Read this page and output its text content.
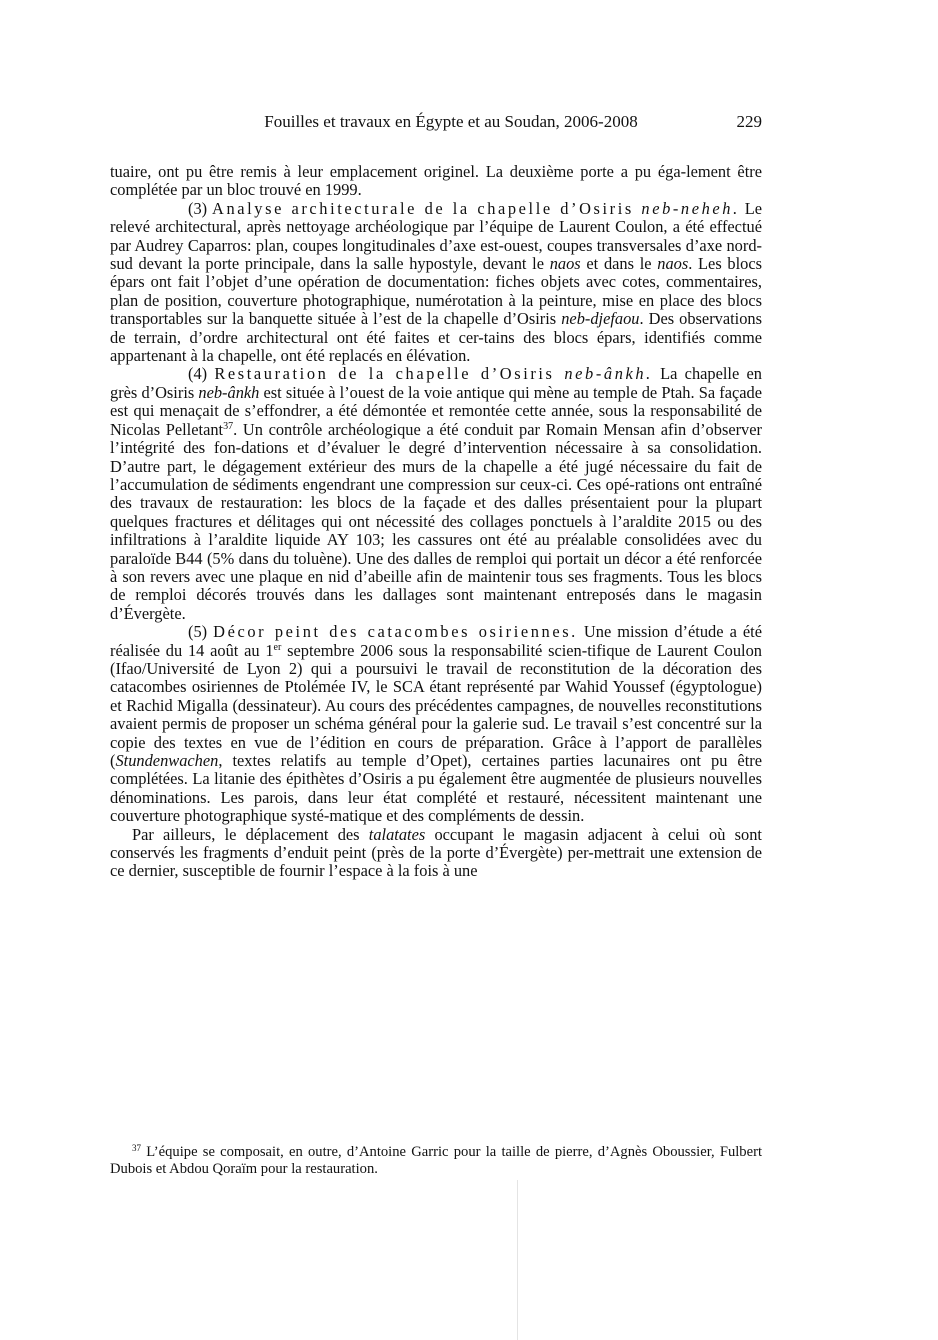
Fouilles et travaux en Égypte et au Soudan, 2006-2008	229

tuaire, ont pu être remis à leur emplacement originel. La deuxième porte a pu éga-lement être complétée par un bloc trouvé en 1999.

(3) Analyse architecturale de la chapelle d’Osiris neb-neheh. Le relevé architectural, après nettoyage archéologique par l’équipe de Laurent Coulon, a été effectué par Audrey Caparros: plan, coupes longitudinales d’axe est-ouest, coupes transversales d’axe nord-sud devant la porte principale, dans la salle hypostyle, devant le naos et dans le naos. Les blocs épars ont fait l’objet d’une opération de documentation: fiches objets avec cotes, commentaires, plan de position, couverture photographique, numérotation à la peinture, mise en place des blocs transportables sur la banquette située à l’est de la chapelle d’Osiris neb-djefaou. Des observations de terrain, d’ordre architectural ont été faites et cer-tains des blocs épars, identifiés comme appartenant à la chapelle, ont été replacés en élévation.

(4) Restauration de la chapelle d’Osiris neb-ânkh. La chapelle en grès d’Osiris neb-ânkh est située à l’ouest de la voie antique qui mène au temple de Ptah. Sa façade est qui menaçait de s’effondrer, a été démontée et remontée cette année, sous la responsabilité de Nicolas Pelletant$^{37}$. Un contrôle archéologique a été conduit par Romain Mensan afin d’observer l’intégrité des fon-dations et d’évaluer le degré d’intervention nécessaire à sa consolidation. D’autre part, le dégagement extérieur des murs de la chapelle a été jugé nécessaire du fait de l’accumulation de sédiments engendrant une compression sur ceux-ci. Ces opé-rations ont entraîné des travaux de restauration: les blocs de la façade et des dalles présentaient pour la plupart quelques fractures et délitages qui ont nécessité des collages ponctuels à l’araldite 2015 ou des infiltrations à l’araldite liquide AY 103; les cassures ont été au préalable consolidées avec du paraloïde B44 (5% dans du toluène). Une des dalles de remploi qui portait un décor a été renforcée à son revers avec une plaque en nid d’abeille afin de maintenir tous ses fragments. Tous les blocs de remploi décorés trouvés dans les dallages sont maintenant entreposés dans le magasin d’Évergète.

(5) Décor peint des catacombes osiriennes. Une mission d’étude a été réalisée du 14 août au 1er septembre 2006 sous la responsabilité scien-tifique de Laurent Coulon (Ifao/Université de Lyon 2) qui a poursuivi le travail de reconstitution de la décoration des catacombes osiriennes de Ptolémée IV, le SCA étant représenté par Wahid Youssef (égyptologue) et Rachid Migalla (dessinateur). Au cours des précédentes campagnes, de nouvelles reconstitutions avaient permis de proposer un schéma général pour la galerie sud. Le travail s’est concentré sur la copie des textes en vue de l’édition en cours de préparation. Grâce à l’apport de parallèles (Stundenwachen, textes relatifs au temple d’Opet), certaines parties lacunaires ont pu être complétées. La litanie des épithètes d’Osiris a pu également être augmentée de plusieurs nouvelles dénominations. Les parois, dans leur état complété et restauré, nécessitent maintenant une couverture photographique systé-matique et des compléments de dessin.

Par ailleurs, le déplacement des talatates occupant le magasin adjacent à celui où sont conservés les fragments d’enduit peint (près de la porte d’Évergète) per-mettrait une extension de ce dernier, susceptible de fournir l’espace à la fois à une

$^{37}$ L’équipe se composait, en outre, d’Antoine Garric pour la taille de pierre, d’Agnès Oboussier, Fulbert Dubois et Abdou Qoraïm pour la restauration.
